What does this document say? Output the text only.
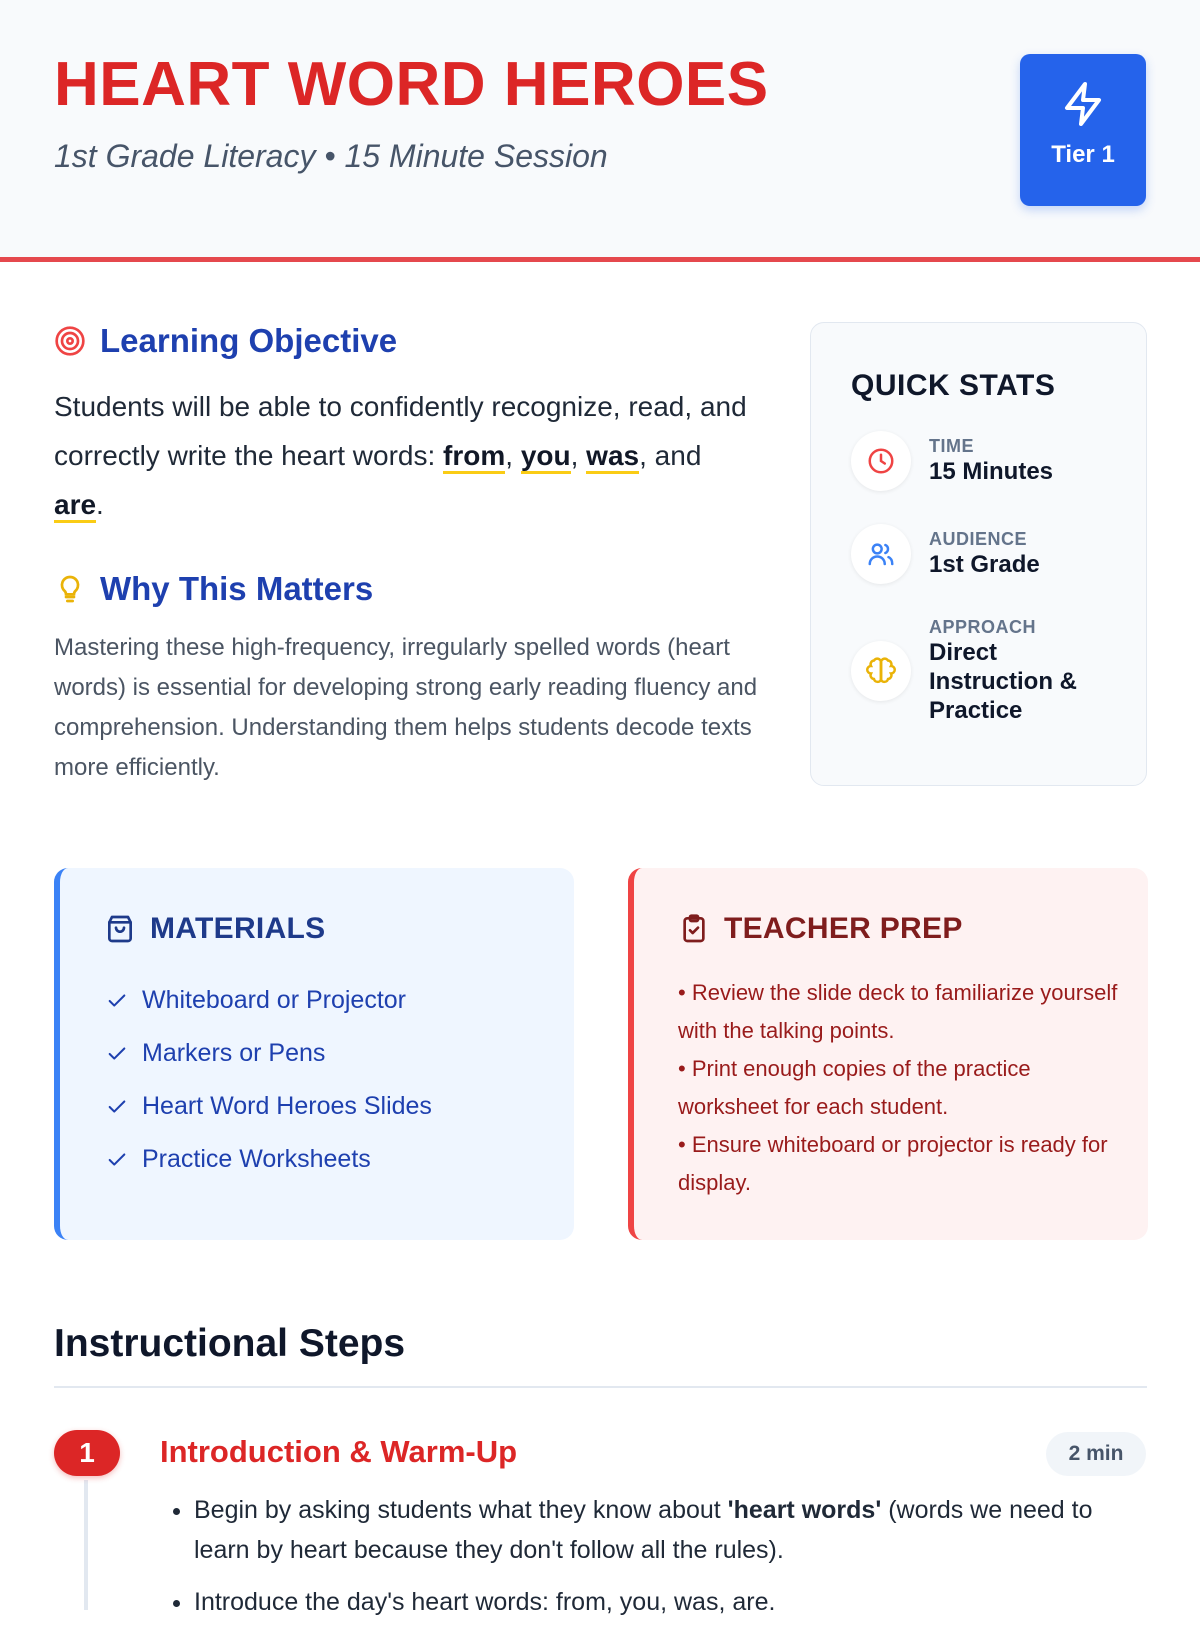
HEART WORD HEROES
1st Grade Literacy • 15 Minute Session	Tier 1
Learning Objective

Students will be able to confidently recognize, read, and correctly write the heart words: from, you, was, and are.

Why This Matters

Mastering these high-frequency, irregularly spelled words (heart words) is essential for developing strong early reading fluency and comprehension. Understanding them helps students decode texts more efficiently.

QUICK STATS
TIME
15 Minutes
AUDIENCE
1st Grade
APPROACH
Direct Instruction & Practice
MATERIALS
Whiteboard or Projector
Markers or Pens
Heart Word Heroes Slides
Practice Worksheets
TEACHER PREP
• Review the slide deck to familiarize yourself with the talking points.
• Print enough copies of the practice worksheet for each student.
• Ensure whiteboard or projector is ready for display.
Instructional Steps
1	Introduction & Warm-Up	2 min
• Begin by asking students what they know about 'heart words' (words we need to learn by heart because they don't follow all the rules).
• Introduce the day's heart words: from, you, was, are.
